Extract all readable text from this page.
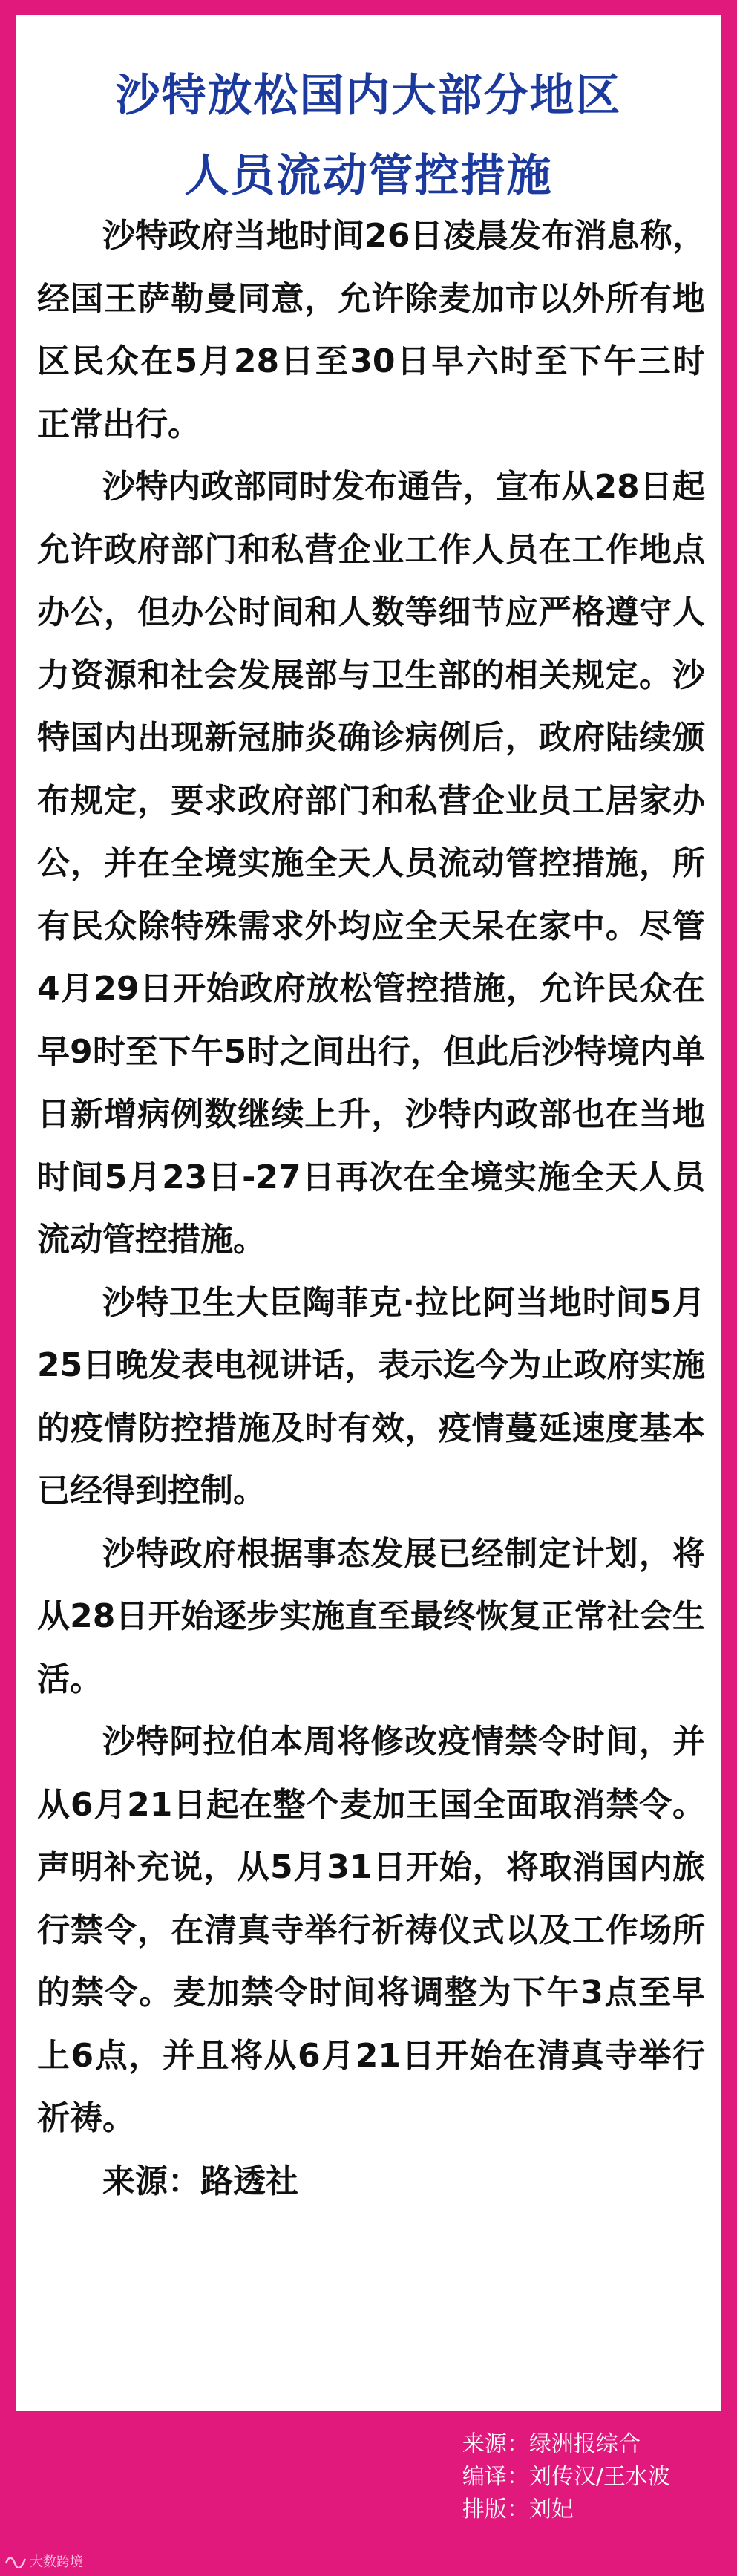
沙特放松国内大部分地区
人员流动管控措施

沙特政府当地时间26日凌晨发布消息称，经国王萨勒曼同意，允许除麦加市以外所有地区民众在5月28日至30日早六时至下午三时正常出行。

沙特内政部同时发布通告，宣布从28日起允许政府部门和私营企业工作人员在工作地点办公，但办公时间和人数等细节应严格遵守人力资源和社会发展部与卫生部的相关规定。沙特国内出现新冠肺炎确诊病例后，政府陆续颁布规定，要求政府部门和私营企业员工居家办公，并在全境实施全天人员流动管控措施，所有民众除特殊需求外均应全天呆在家中。尽管4月29日开始政府放松管控措施，允许民众在早9时至下午5时之间出行，但此后沙特境内单日新增病例数继续上升，沙特内政部也在当地时间5月23日-27日再次在全境实施全天人员流动管控措施。

沙特卫生大臣陶菲克·拉比阿当地时间5月25日晚发表电视讲话，表示迄今为止政府实施的疫情防控措施及时有效，疫情蔓延速度基本已经得到控制。

沙特政府根据事态发展已经制定计划，将从28日开始逐步实施直至最终恢复正常社会生活。

沙特阿拉伯本周将修改疫情禁令时间，并从6月21日起在整个麦加王国全面取消禁令。声明补充说，从5月31日开始，将取消国内旅行禁令，在清真寺举行祈祷仪式以及工作场所的禁令。麦加禁令时间将调整为下午3点至早上6点，并且将从6月21日开始在清真寺举行祈祷。

来源：路透社

来源：绿洲报综合
编译：刘传汉/王水波
排版：刘妃
大数跨境
